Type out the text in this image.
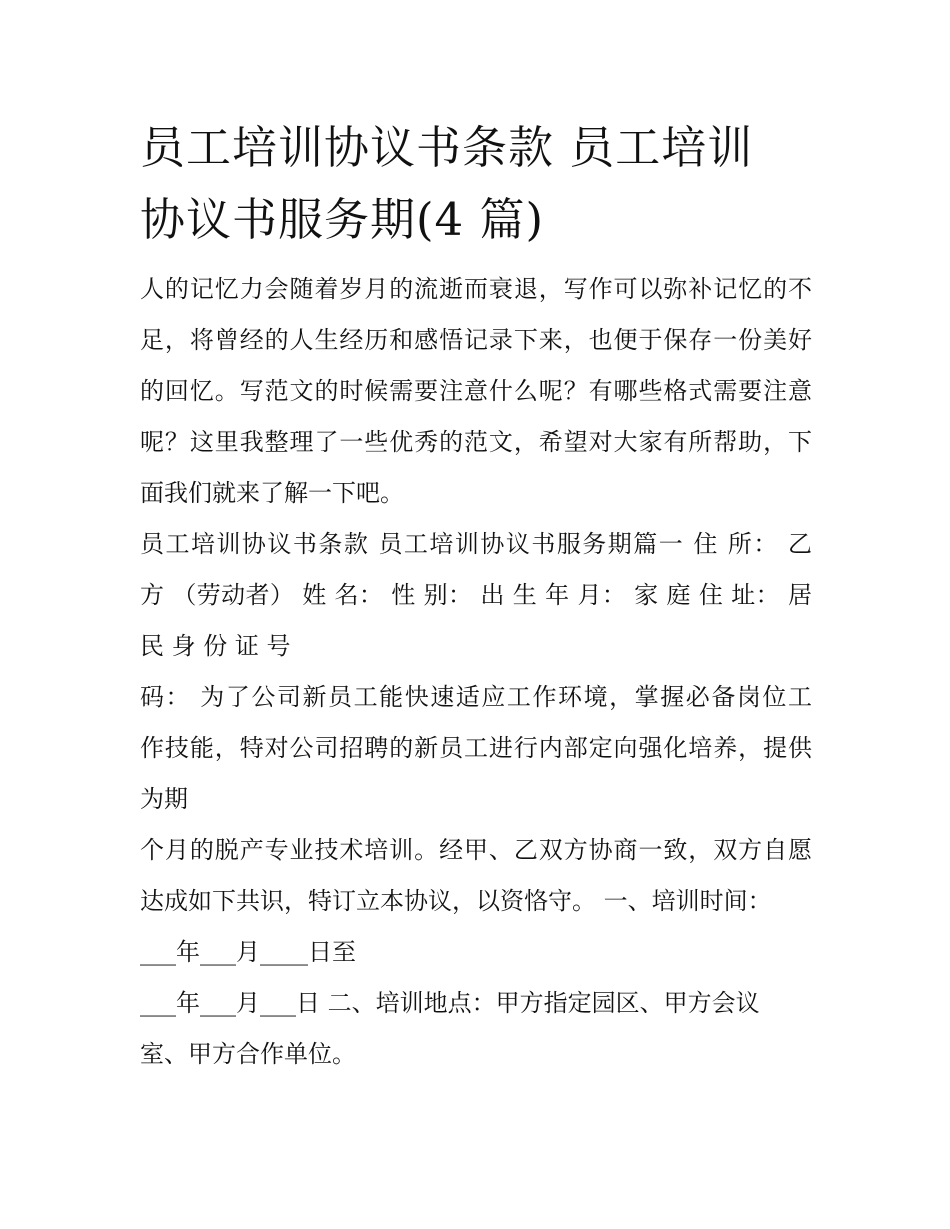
员工培训协议书条款 员工培训
协议书服务期(4 篇)
人的记忆力会随着岁月的流逝而衰退，写作可以弥补记忆的不
足，将曾经的人生经历和感悟记录下来，也便于保存一份美好
的回忆。写范文的时候需要注意什么呢？有哪些格式需要注意
呢？这里我整理了一些优秀的范文，希望对大家有所帮助，下
面我们就来了解一下吧。
员工培训协议书条款 员工培训协议书服务期篇一 住 所： 乙
方 （劳动者） 姓 名： 性 别： 出 生 年 月： 家 庭 住 址： 居
民 身 份 证 号
码： 为了公司新员工能快速适应工作环境，掌握必备岗位工
作技能，特对公司招聘的新员工进行内部定向强化培养，提供
为期
个月的脱产专业技术培训。经甲、乙双方协商一致，双方自愿
达成如下共识，特订立本协议，以资恪守。 一、培训时间：
___年___月____日至
___年___月___日 二、培训地点：甲方指定园区、甲方会议
室、甲方合作单位。
